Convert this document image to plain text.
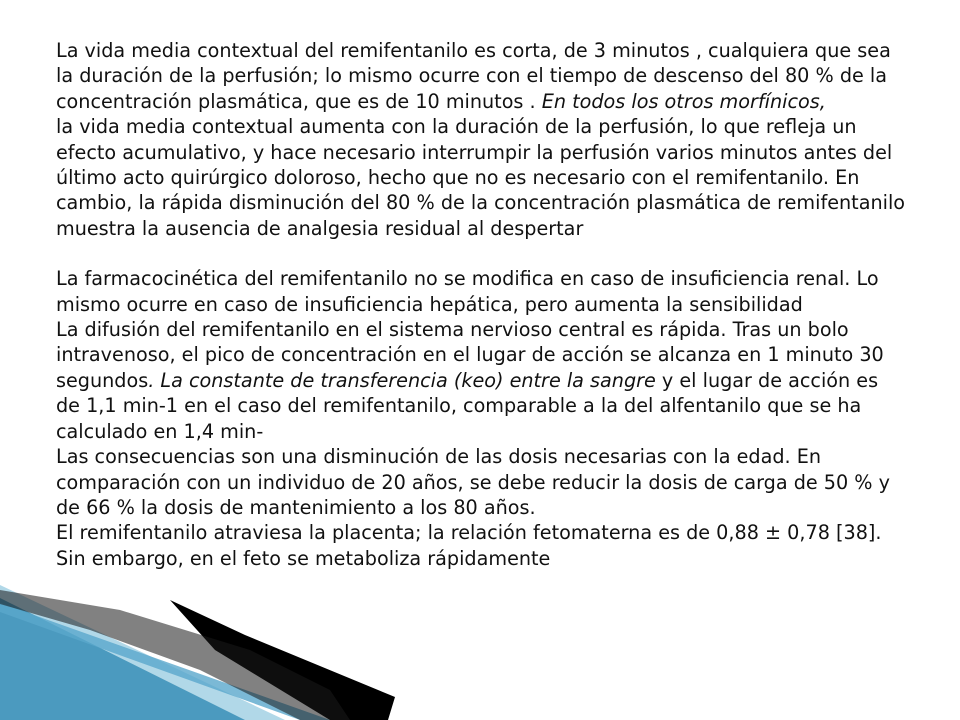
La vida media contextual del remifentanilo es corta, de 3 minutos , cualquiera que sea la duración de la perfusión; lo mismo ocurre con el tiempo de descenso del 80 % de la concentración plasmática, que es de 10 minutos . En todos los otros morfínicos,

la vida media contextual aumenta con la duración de la perfusión, lo que refleja un efecto acumulativo, y hace necesario interrumpir la perfusión varios minutos antes del último acto quirúrgico doloroso, hecho que no es necesario con el remifentanilo. En cambio, la rápida disminución del 80 % de la concentración plasmática de remifentanilo muestra la ausencia de analgesia residual al despertar

La farmacocinética del remifentanilo no se modifica en caso de insuficiencia renal. Lo mismo ocurre en caso de insuficiencia hepática, pero aumenta la sensibilidad

La difusión del remifentanilo en el sistema nervioso central es rápida. Tras un bolo intravenoso, el pico de concentración en el lugar de acción se alcanza en 1 minuto 30 segundos. La constante de transferencia (keo) entre la sangre y el lugar de acción es de 1,1 min-1 en el caso del remifentanilo, comparable a la del alfentanilo que se ha calculado en 1,4 min-

Las consecuencias son una disminución de las dosis necesarias con la edad. En comparación con un individuo de 20 años, se debe reducir la dosis de carga de 50 % y de 66 % la dosis de mantenimiento a los 80 años.

El remifentanilo atraviesa la placenta; la relación fetomaterna es de 0,88 ± 0,78 [38]. Sin embargo, en el feto se metaboliza rápidamente
